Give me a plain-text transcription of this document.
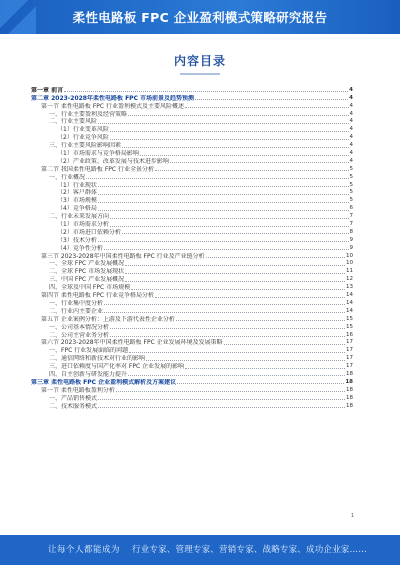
柔性电路板 FPC 企业盈利模式策略研究报告
内容目录
第一章 前言	4
第二章 2023-2028年柔性电路板 FPC 市场前景及趋势预测	4
第一节 柔性电路板 FPC 行业盈利模式及主要风险概述	4
一、行业主要盈利及经营策略	4
二、行业主要风险	4
（1）行业变革风险	4
（2）行业竞争风险	4
三、行业主要风险影响因素	4
（1）市场需求与竞争格局影响	4
（2）产业政策、改革发展与技术进步影响	4
第二节 我国柔性电路板 FPC 行业全景分析	5
一、行业概况	5
（1）行业现状	5
（2）客户群体	5
（3）市场规模	5
（4）竞争格局	6
二、行业未来发展方向	7
（1）市场需求分析	7
（2）市场进口依赖分析	8
（3）技术分析	9
（4）竞争性分析	9
第三节 2023-2028年中国柔性电路板 FPC 行业及产业链分析	10
一、全球 FPC 产业发展概况	10
二、全球 FPC 市场发展现状	11
三、中国 FPC 产业发展概况	12
四、全球及中国 FPC 市场规模	13
第四节 柔性电路板 FPC 行业竞争格局分析	14
一、行业集中度分析	14
二、行业内主要企业	14
第五节 企业案例分析：上游及下游代表性企业分析	15
一、公司基本情况分析	15
二、公司主营业务分析	16
第六节 2023-2028年中国柔性电路板 FPC 企业发展环境及发展策略	17
一、FPC 行业发展面临的问题	17
二、通信网络和新技术对行业的影响	17
三、进口依赖度与国产化率对 FPC 企业发展的影响	17
四、自主创新与研发能力提升	18
第三章 柔性电路板 FPC 企业盈利模式解析及方案建议	18
第一节 柔性电路板盈利分析	18
一、产品销售模式	18
二、技术服务模式	18
1
让每个人都能成为 行业专家、管理专家、营销专家、战略专家、成功企业家……
